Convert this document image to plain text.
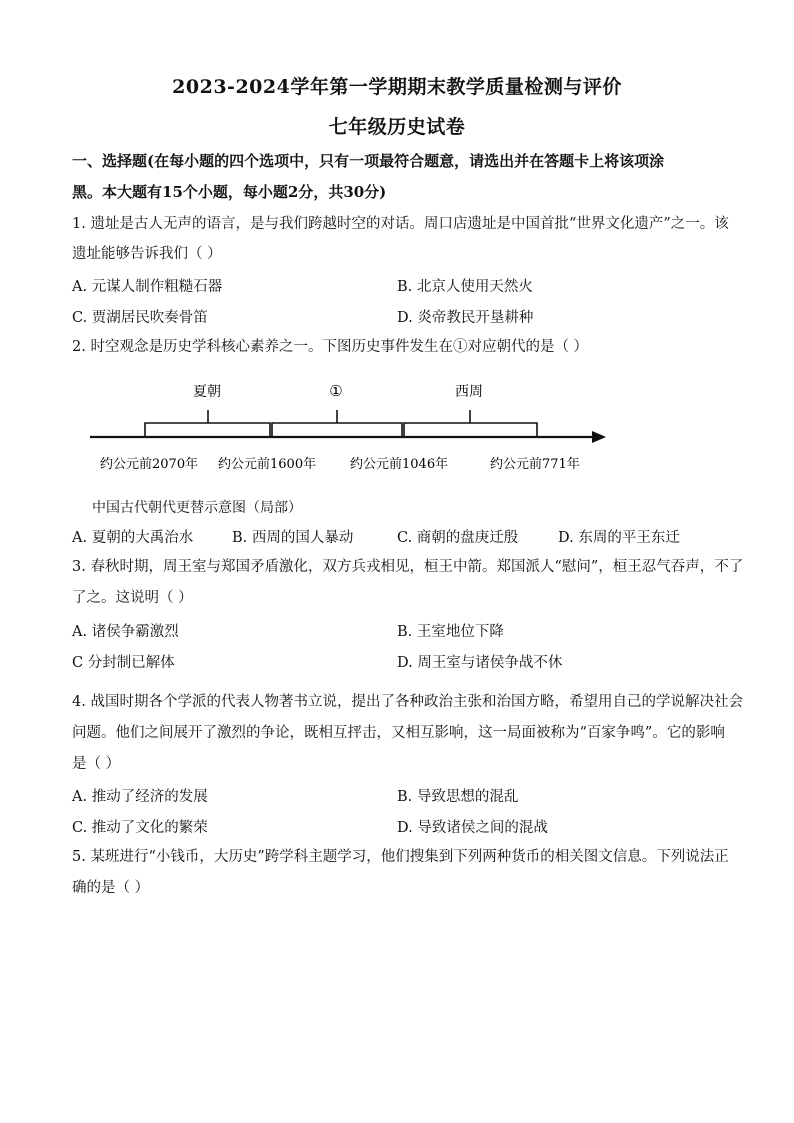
2023-2024学年第一学期期末教学质量检测与评价
七年级历史试卷
一、选择题(在每小题的四个选项中，只有一项最符合题意，请选出并在答题卡上将该项涂
黑。本大题有15个小题，每小题2分，共30分)
1. 遗址是古人无声的语言，是与我们跨越时空的对话。周口店遗址是中国首批“世界文化遗产”之一。该
遗址能够告诉我们（ ）
A. 元谋人制作粗糙石器	B. 北京人使用天然火
C. 贾湖居民吹奏骨笛	D. 炎帝教民开垦耕种
2. 时空观念是历史学科核心素养之一。下图历史事件发生在①对应朝代的是（ ）
夏朝	①	西周
约公元前2070年 约公元前1600年	约公元前1046年	约公元前771年
中国古代朝代更替示意图（局部）
A. 夏朝的大禹治水	B. 西周的国人暴动	C. 商朝的盘庚迁殷	D. 东周的平王东迁
3. 春秋时期，周王室与郑国矛盾激化，双方兵戎相见，桓王中箭。郑国派人“慰问”，桓王忍气吞声，不了
了之。这说明（ ）
A. 诸侯争霸激烈	B. 王室地位下降
C 分封制已解体	D. 周王室与诸侯争战不休
4. 战国时期各个学派的代表人物著书立说，提出了各种政治主张和治国方略，希望用自己的学说解决社会
问题。他们之间展开了激烈的争论，既相互抨击，又相互影响，这一局面被称为“百家争鸣”。它的影响
是（ ）
A. 推动了经济的发展	B. 导致思想的混乱
C. 推动了文化的繁荣	D. 导致诸侯之间的混战
5. 某班进行“小钱币，大历史”跨学科主题学习，他们搜集到下列两种货币的相关图文信息。下列说法正
确的是（ ）
